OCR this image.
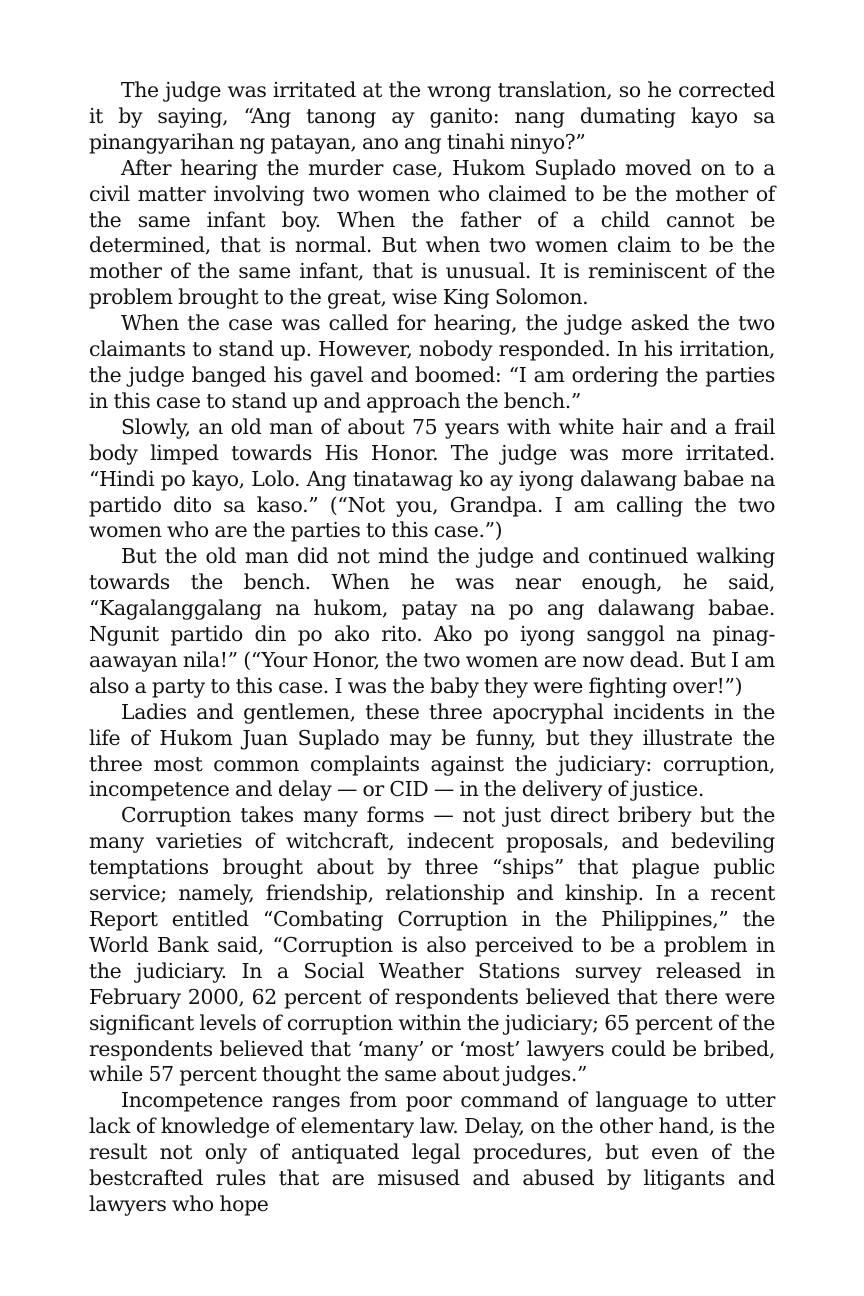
The judge was irritated at the wrong translation, so he corrected it by saying, “Ang tanong ay ganito: nang dumating kayo sa pinangyarihan ng patayan, ano ang tinahi ninyo?”

After hearing the murder case, Hukom Suplado moved on to a civil matter involving two women who claimed to be the mother of the same infant boy. When the father of a child cannot be determined, that is normal. But when two women claim to be the mother of the same infant, that is unusual. It is reminiscent of the problem brought to the great, wise King Solomon.

When the case was called for hearing, the judge asked the two claimants to stand up. However, nobody responded. In his irritation, the judge banged his gavel and boomed: “I am ordering the parties in this case to stand up and approach the bench.”

Slowly, an old man of about 75 years with white hair and a frail body limped towards His Honor. The judge was more irritated. “Hindi po kayo, Lolo. Ang tinatawag ko ay iyong dalawang babae na partido dito sa kaso.” (“Not you, Grandpa. I am calling the two women who are the parties to this case.”)

But the old man did not mind the judge and continued walking towards the bench. When he was near enough, he said, “Kagalanggalang na hukom, patay na po ang dalawang babae. Ngunit partido din po ako rito. Ako po iyong sanggol na pinag-aawayan nila!” (“Your Honor, the two women are now dead. But I am also a party to this case. I was the baby they were fighting over!”)

Ladies and gentlemen, these three apocryphal incidents in the life of Hukom Juan Suplado may be funny, but they illustrate the three most common complaints against the judiciary: corruption, incompetence and delay — or CID — in the delivery of justice.

Corruption takes many forms — not just direct bribery but the many varieties of witchcraft, indecent proposals, and bedeviling temptations brought about by three “ships” that plague public service; namely, friendship, relationship and kinship. In a recent Report entitled “Combating Corruption in the Philippines,” the World Bank said, “Corruption is also perceived to be a problem in the judiciary. In a Social Weather Stations survey released in February 2000, 62 percent of respondents believed that there were significant levels of corruption within the judiciary; 65 percent of the respondents believed that ‘many’ or ‘most’ lawyers could be bribed, while 57 percent thought the same about judges.”

Incompetence ranges from poor command of language to utter lack of knowledge of elementary law. Delay, on the other hand, is the result not only of antiquated legal procedures, but even of the bestcrafted rules that are misused and abused by litigants and lawyers who hope
